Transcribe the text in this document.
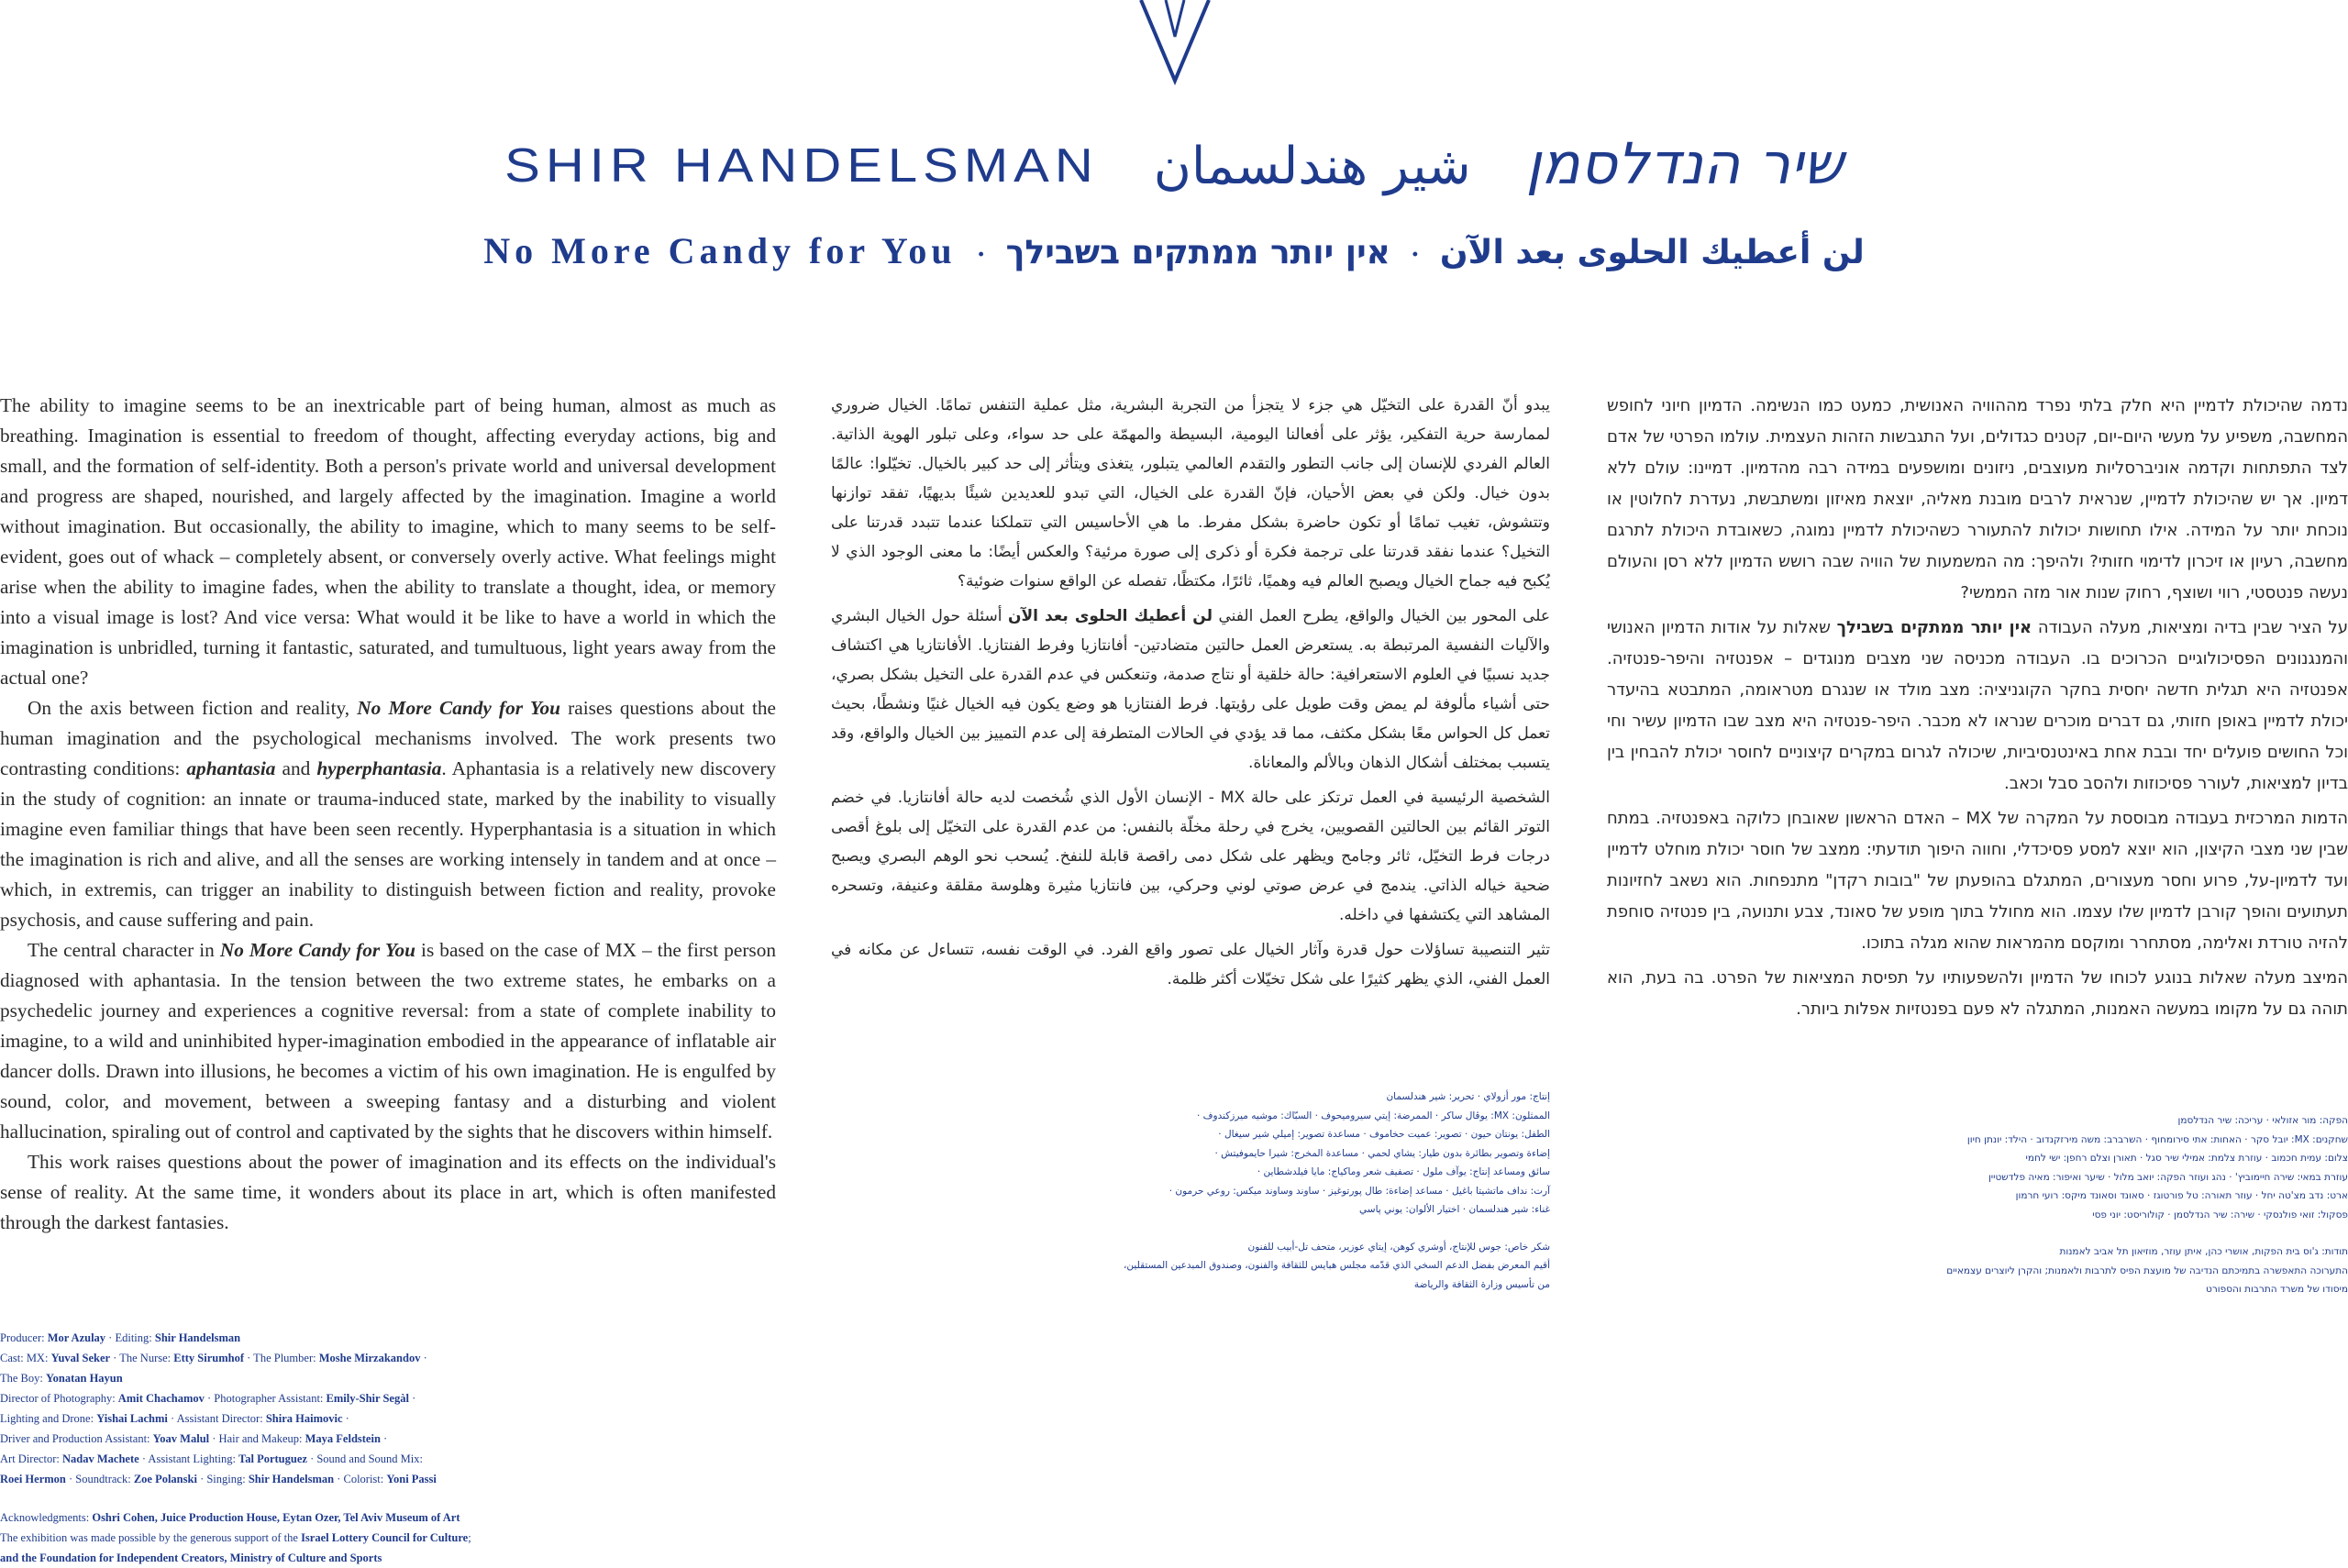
SHIR HANDELSMAN شير هندلسمان שיר הנדלסמן
No More Candy for You ·	لن أعطيك الحلوى بعد الآن·אין יותר ממתקים בשבילך

The ability to imagine seems to be an inextricable part of being human, almost as much as breathing. Imagination is essential to freedom of thought, affecting everyday actions, big and small, and the formation of self-identity. Both a person's private world and universal development and progress are shaped, nourished, and largely affected by the imagination. Imagine a world without imagination. But occasionally, the ability to imagine, which to many seems to be self-evident, goes out of whack – completely absent, or conversely overly active. What feelings might arise when the ability to imagine fades, when the ability to translate a thought, idea, or memory into a visual image is lost? And vice versa: What would it be like to have a world in which the imagination is unbridled, turning it fantastic, saturated, and tumultuous, light years away from the actual one?

On the axis between fiction and reality, No More Candy for You raises questions about the human imagination and the psychological mechanisms involved. The work presents two contrasting conditions: aphantasia and hyperphantasia. Aphantasia is a relatively new discovery in the study of cognition: an innate or trauma-induced state, marked by the inability to visually imagine even familiar things that have been seen recently. Hyperphantasia is a situation in which the imagination is rich and alive, and all the senses are working intensely in tandem and at once – which, in extremis, can trigger an inability to distinguish between fiction and reality, provoke psychosis, and cause suffering and pain.

The central character in No More Candy for You is based on the case of MX – the first person diagnosed with aphantasia. In the tension between the two extreme states, he embarks on a psychedelic journey and experiences a cognitive reversal: from a state of complete inability to imagine, to a wild and uninhibited hyper-imagination embodied in the appearance of inflatable air dancer dolls. Drawn into illusions, he becomes a victim of his own imagination. He is engulfed by sound, color, and movement, between a sweeping fantasy and a disturbing and violent hallucination, spiraling out of control and captivated by the sights that he discovers within himself.

This work raises questions about the power of imagination and its effects on the individual's sense of reality. At the same time, it wonders about its place in art, which is often manifested through the darkest fantasies.

يبدو أنّ القدرة على التخيّل هي جزء لا يتجزأ من التجربة البشرية، مثل عملية التنفس تمامًا. الخيال ضروري لممارسة حرية التفكير، يؤثر على أفعالنا اليومية، البسيطة والمهمّة على حد سواء، وعلى تبلور الهوية الذاتية. العالم الفردي للإنسان إلى جانب التطور والتقدم العالمي يتبلور، يتغذى ويتأثر إلى حد كبير بالخيال. تخيّلوا: عالمًا بدون خيال. ولكن في بعض الأحيان، فإنّ القدرة على الخيال، التي تبدو للعديدين شيئًا بديهيًا، تفقد توازنها وتتشوش، تغيب تمامًا أو تكون حاضرة بشكل مفرط. ما هي الأحاسيس التي تتملكنا عندما تتبدد قدرتنا على التخيل؟ عندما نفقد قدرتنا على ترجمة فكرة أو ذكرى إلى صورة مرئية؟ والعكس أيضًا: ما معنى الوجود الذي لا يُكبح فيه جماح الخيال ويصبح العالم فيه وهميًا، ثائرًا، مكتظًا، تفصله عن الواقع سنوات ضوئية؟

على المحور بين الخيال والواقع، يطرح العمل الفني لن أعطيك الحلوى بعد الآن أسئلة حول الخيال البشري والآليات النفسية المرتبطة به. يستعرض العمل حالتين متضادتين- أفانتازيا وفرط الفنتازيا. الأفانتازيا هي اكتشاف جديد نسبيًا في العلوم الاستعرافية: حالة خلقية أو نتاج صدمة، وتنعكس في عدم القدرة على التخيل بشكل بصري، حتى أشياء مألوفة لم يمض وقت طويل على رؤيتها. فرط الفنتازيا هو وضع يكون فيه الخيال غنيًا ونشطًا، بحيث تعمل كل الحواس معًا بشكل مكثف، مما قد يؤدي في الحالات المتطرفة إلى عدم التمييز بين الخيال والواقع، وقد يتسبب بمختلف أشكال الذهان وبالألم والمعاناة.

الشخصية الرئيسية في العمل ترتكز على حالة MX - الإنسان الأول الذي شُخصت لديه حالة أفانتازيا. في خضم التوتر القائم بين الحالتين القصويين، يخرج في رحلة مخلّة بالنفس: من عدم القدرة على التخيّل إلى بلوغ أقصى درجات فرط التخيّل، ثائر وجامح ويظهر على شكل دمى راقصة قابلة للنفخ. يُسحب نحو الوهم البصري ويصبح ضحية خياله الذاتي. يندمج في عرض صوتي لوني وحركي، بين فانتازيا مثيرة وهلوسة مقلقة وعنيفة، وتسحره المشاهد التي يكتشفها في داخله.

تثير التنصيبة تساؤلات حول قدرة وآثار الخيال على تصور واقع الفرد. في الوقت نفسه، تتساءل عن مكانه في العمل الفني، الذي يظهر كثيرًا على شكل تخيّلات أكثر ظلمة.

נדמה שהיכולת לדמיין היא חלק בלתי נפרד מההוויה האנושית, כמעט כמו הנשימה. הדמיון חיוני לחופש המחשבה, משפיע על מעשי היום-יום, קטנים כגדולים, ועל התגבשות הזהות העצמית. עולמו הפרטי של אדם לצד התפתחות וקדמה אוניברסליות מעוצבים, ניזונים ומושפעים במידה רבה מהדמיון. דמיינו: עולם ללא דמיון. אך יש שהיכולת לדמיין, שנראית לרבים מובנת מאליה, יוצאת מאיזון ומשתבשת, נעדרת לחלוטין או נוכחת יותר על המידה. אילו תחושות יכולות להתעורר כשהיכולת לדמיין נמוגה, כשאובדת היכולת לתרגם מחשבה, רעיון או זיכרון לדימוי חזותי? ולהיפך: מה המשמעות של הוויה שבה רושש הדמיון ללא רסן והעולם נעשה פנטסטי, רווי ושוצף, רחוק שנות אור מזה הממשי?

על הציר שבין בדיה ומציאות, מעלה העבודה אין יותר ממתקים בשבילך שאלות על אודות הדמיון האנושי והמנגנונים הפסיכולוגיים הכרוכים בו. העבודה מכניסה שני מצבים מנוגדים – אפנטזיה והיפר-פנטזיה. אפנטזיה היא תגלית חדשה יחסית בחקר הקוגניציה: מצב מולד או שנגרם מטראומה, המתבטא בהיעדר יכולת לדמיין באופן חזותי, גם דברים מוכרים שנראו לא מכבר. היפר-פנטזיה היא מצב שבו הדמיון עשיר וחי וכל החושים פועלים יחד ובבת אחת באינטנסיביות, שיכולה לגרום במקרים קיצוניים לחוסר יכולת להבחין בין בדיון למציאות, לעורר פסיכוזות ולהסב סבל וכאב.

הדמות המרכזית בעבודה מבוססת על המקרה של MX – האדם הראשון שאובחן כלוקה באפנטזיה. במתח שבין שני מצבי הקיצון, הוא יוצא למסע פסיכדלי, וחווה היפוך תודעתי: ממצב של חוסר יכולת מוחלט לדמיין ועד לדמיון-על, פרוע וחסר מעצורים, המתגלם בהופעתן של "בובות רקדן" מתנפחות. הוא נשאב לחזיונות תעתועים והופך קורבן לדמיון שלו עצמו. הוא מחולל בתוך מופע של סאונד, צבע ותנועה, בין פנטזיה סוחפת להזיה טורדת ואלימה, מסתחרר ומוקסם מהמראות שהוא מגלה בתוכו.

המיצב מעלה שאלות בנוגע לכוחו של הדמיון ולהשפעותיו על תפיסת המציאות של הפרט. בה בעת, הוא תוהה גם על מקומו במעשה האמנות, המתגלה לא פעם בפנטזיות אפלות ביותר.

Producer: Mor Azulay · Editing: Shir Handelsman
Cast: MX: Yuval Seker · The Nurse: Etty Sirumhof · The Plumber: Moshe Mirzakandov ·
The Boy: Yonatan Hayun
Director of Photography: Amit Chachamov · Photographer Assistant: Emily-Shir Segàl ·
Lighting and Drone: Yishai Lachmi · Assistant Director: Shira Haimovic ·
Driver and Production Assistant: Yoav Malul · Hair and Makeup: Maya Feldstein ·
Art Director: Nadav Machete · Assistant Lighting: Tal Portuguez · Sound and Sound Mix:
Roei Hermon · Soundtrack: Zoe Polanski · Singing: Shir Handelsman · Colorist: Yoni Passi
Acknowledgments: Oshri Cohen, Juice Production House, Eytan Ozer, Tel Aviv Museum of Art
The exhibition was made possible by the generous support of the Israel Lottery Council for Culture;
and the Foundation for Independent Creators, Ministry of Culture and Sports
إنتاج: مور أزولاي · تحرير: شير هندلسمان
الممثلون: MX: يوڤال ساكر · الممرضة: إيتي سيروميحوف · السبّاك: موشيه ميرزكندوف ·
الطفل: يونتان حيون · تصوير: عميت حخاموف · مساعدة تصوير: إميلي شير سيغال ·
إضاءة وتصوير بطائرة بدون طيار: يشاي لحمي · مساعدة المخرج: شيرا حايموفيتش ·
سائق ومساعد إنتاج: يوآف ملول · تصفيف شعر وماكياج: مايا فيلدشطاين ·
آرت: نداف ماتشيتا باغيل · مساعد إضاءة: طال پورتوغيز · ساوند وساوند ميكس: روعي حرمون ·
غناء: شير هندلسمان · اختيار الألوان: يوني پاسي
شكر خاص: جوس للإنتاج، أوشري كوهن، إيتاي عوزير، متحف تل-أبيب للفنون
أقيم المعرض بفضل الدعم السخي الذي قدّمه مجلس هبايس للثقافة والفنون، وصندوق المبدعين المستقلين،
من تأسيس وزارة الثقافة والرياضة
הפקה: מור אזולאי · עריכה: שיר הנדלסמן
שחקנים: MX: יובל סקר · האחות: אתי סירומחוף · השרברב: משה מירזקנדוב · הילד: יונתן חיון
צלום: עמית חכמוב · עוזרת צלמת: אמילי שיר סגל · תאורן וצלם רחפן: ישי לחמי
עוזרת במאי: שירה חיימוביץ' · נהג ועוזר הפקה: יואב מלול · שיער ואיפור: מאיה פלדשטיין
ארט: נדב מצ'טה יחל · עוזר תאורה: טל פורטוגז · סאונד וסאונד מיקס: רועי חרמון
פסקול: זואי פולנסקי · שירה: שיר הנדלסמן · קולוריסט: יוני פסי
תודות: ג'וס בית הפקות, אושרי כהן, איתן עוזר, מוזיאון תל אביב לאמנות
התערוכה התאפשרה בתמיכתם הנדיבה של מועצת הפיס לתרבות ולאמנות; והקרן ליוצרים עצמאיים
מיסודו של משרד התרבות והספורט
